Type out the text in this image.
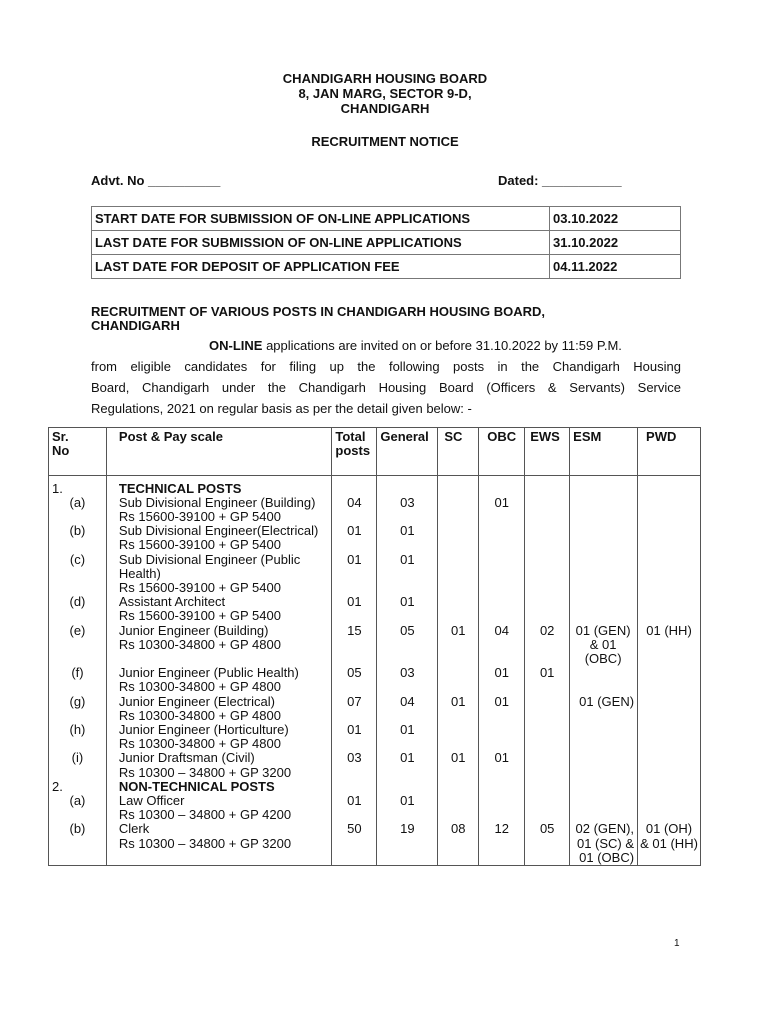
CHANDIGARH HOUSING BOARD
8, JAN MARG, SECTOR 9-D,
CHANDIGARH
RECRUITMENT NOTICE
Advt. No __________	Dated: ___________
START DATE FOR SUBMISSION OF ON-LINE APPLICATIONS	03.10.2022
LAST DATE FOR SUBMISSION OF ON-LINE APPLICATIONS	31.10.2022
LAST DATE FOR DEPOSIT OF APPLICATION FEE	04.11.2022
RECRUITMENT OF VARIOUS POSTS IN CHANDIGARH HOUSING BOARD,
CHANDIGARH
ON-LINE applications are invited on or before 31.10.2022 by 11:59 P.M.
from eligible candidates for filing up the following posts in the Chandigarh Housing
Board, Chandigarh under the Chandigarh Housing Board (Officers & Servants) Service
Regulations, 2021 on regular basis as per the detail given below: -
Sr. No	Post & Pay scale	Total posts	General	SC	OBC	EWS	ESM	PWD

1.	TECHNICAL POSTS							
(a)	Sub Divisional Engineer (Building)
Rs 15600-39100 + GP 5400	04	03		01			
(b)	Sub Divisional Engineer(Electrical)
Rs 15600-39100 + GP 5400	01	01					
(c)	Sub Divisional Engineer (Public Health)
Rs 15600-39100 + GP 5400	01	01					
(d)	Assistant Architect
Rs 15600-39100 + GP 5400	01	01					
(e)	Junior Engineer (Building)
Rs 10300-34800 + GP 4800	15	05	01	04	02	01 (GEN) & 01 (OBC)	01 (HH)
(f)	Junior Engineer (Public Health)
Rs 10300-34800 + GP 4800	05	03		01	01		
(g)	Junior Engineer (Electrical)
Rs 10300-34800 + GP 4800	07	04	01	01		01 (GEN)	
(h)	Junior Engineer (Horticulture)
Rs 10300-34800 + GP 4800	01	01					
(i)	Junior Draftsman (Civil)
Rs 10300 – 34800 + GP 3200	03	01	01	01			
2.	NON-TECHNICAL POSTS							
(a)	Law Officer
Rs 10300 – 34800 + GP 4200	01	01					
(b)	Clerk
Rs 10300 – 34800 + GP 3200	50	19	08	12	05	02 (GEN), 01 (SC) & 01 (OBC)	01 (OH) & 01 (HH)
1
